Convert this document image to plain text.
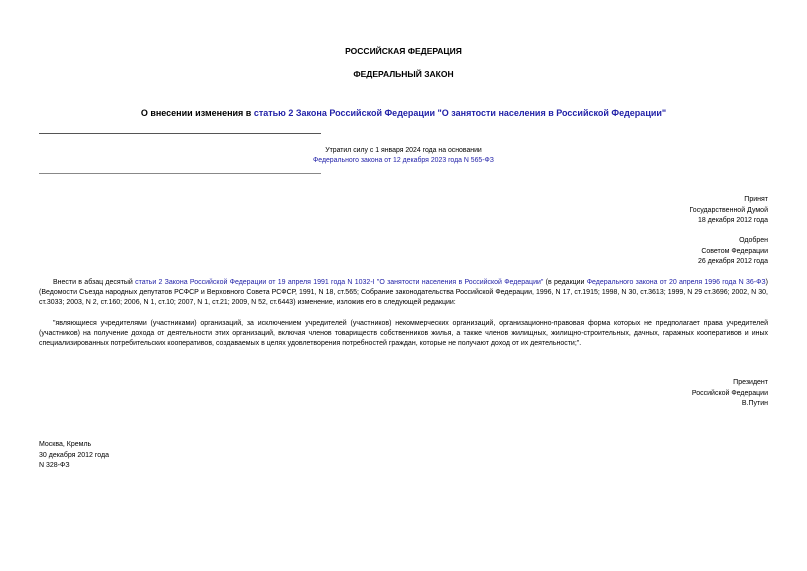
РОССИЙСКАЯ ФЕДЕРАЦИЯ
ФЕДЕРАЛЬНЫЙ ЗАКОН
О внесении изменения в статью 2 Закона Российской Федерации "О занятости населения в Российской Федерации"
Утратил силу с 1 января 2024 года на основании
Федерального закона от 12 декабря 2023 года N 565-ФЗ
Принят
Государственной Думой
18 декабря 2012 года
Одобрен
Советом Федерации
26 декабря 2012 года
Внести в абзац десятый статьи 2 Закона Российской Федерации от 19 апреля 1991 года N 1032-I "О занятости населения в Российской Федерации" (в редакции Федерального закона от 20 апреля 1996 года N 36-ФЗ) (Ведомости Съезда народных депутатов РСФСР и Верховного Совета РСФСР, 1991, N 18, ст.565; Собрание законодательства Российской Федерации, 1996, N 17, ст.1915; 1998, N 30, ст.3613; 1999, N 29 ст.3696; 2002, N 30, ст.3033; 2003, N 2, ст.160; 2006, N 1, ст.10; 2007, N 1, ст.21; 2009, N 52, ст.6443) изменение, изложив его в следующей редакции:
"являющиеся учредителями (участниками) организаций, за исключением учредителей (участников) некоммерческих организаций, организационно-правовая форма которых не предполагает права учредителей (участников) на получение дохода от деятельности этих организаций, включая членов товариществ собственников жилья, а также членов жилищных, жилищно-строительных, дачных, гаражных кооперативов и иных специализированных потребительских кооперативов, создаваемых в целях удовлетворения потребностей граждан, которые не получают доход от их деятельности;".
Президент
Российской Федерации
В.Путин
Москва, Кремль
30 декабря 2012 года
N 328-ФЗ
